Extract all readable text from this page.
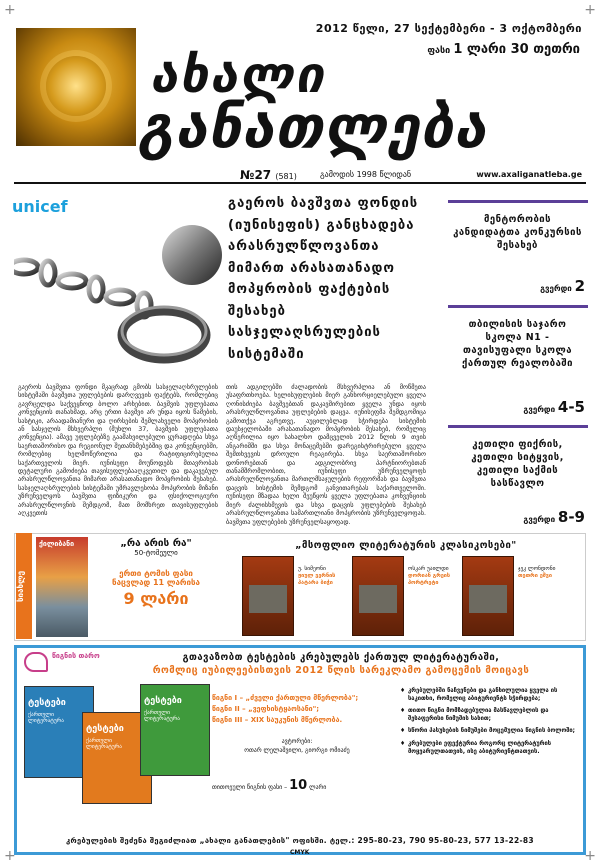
+	+
+	+
ახალი
განათლება
2012 წელი, 27 სექტემბერი - 3 ოქტომბერი
ფასი 1 ლარი 30 თეთრი
№27 (581)	გამოდის 1998 წლიდან	www.axaliganatleba.ge
unicef	გაეროს ბავშვთა ფონდის (იუნისეფის) განცხადება არასრულწლოვანთა მიმართ არასათანადო მოპყრობის ფაქტების შესახებ სასჯელაღსრულების სისტემაში
გაეროს ბავშვთა ფონდი მკაცრად გმობს სასჯელაღსრულების სისტემაში ბავშვთა უფლებების დარღვევის ფაქტებს, რომლებიც გავრცელდა საქვეყნოდ ბოლო არხებით. ბავშვის უფლებათა კონვენციის თანახმად, არც ერთი ბავშვი არ უნდა იყოს წამების, სასტიკი, არაადამიანური და ღირსების შემლახველი მოპყრობის ან სასჯელის მსხვერპლი (მუხლი 37, ბავშვის უფლებათა კონვენცია). ამავე უფლებებზე გაამახვილებული ყურადღება სხვა საერთაშორისო და რეგიონულ შეთანხმებებშიც და კონვენციებში, რომლებიც ხელმოწერილია და რატიფიცირებულია საქართველოს მიერ. იუნისეფი მოუწოდებს მთავრობას დეტალური გამოძიება თავისუფლებააღკვეთილ და დაკავებულ არასრულწლოვანთა მიმართ არასათანადო მოპყრობის შესახებ. სასჯელაღსრულების სისტემაში უმრავლესობა მოპყრობის მიზანი უზრუნველყოს ბავშვთა ფიზიკური და ფსიქოლოგიური არასრულწლოვნის შემდგომ, მათ მომხრეთ თავისუფლების აღკვეთის
თის ადგილებში ძალადობის მსხვერპლია ან მოწმეთა უსაფრთხოება. ხელისუფლების მიერ განხორციელებული ყველა ღონისძიება ბავშვებთან დაკავშირებით ყველა უნდა იყოს არასრულწლოვანთა უფლებების დაცვა. იუნისეფმა შემდგომიცა გამოთქვა აგრეთვე, აუცილებლად სჭირდება სისტემის დაუსჯელობაში არასათანადო მოპყრობის შესახებ, რომელიც აღწერილია იყო სახალხო დამცველის 2012 წლის 9 თვის ანგარიშში და სხვა მონაცემებში დარეგისტრირებული ყველა შემთხვევის დროული რეაგირება. სხვა საერთაშორისო დონორებთან და ადგილობრივ პარტნიორებთან თანამშრომლობით, იუნისეფი უზრუნველყოფს არასრულწლოვანთა მართლმსაჯულების რეფორმას და ბავშვთა დაცვის სისტემის შემდგომ განვითარებას საქართველოში. იუნისეფი მზადაა ხელი შეუწყოს ყველა უფლებათა კონვენციის მიერ ძალისხმევის და სხვა დაცვის უფლებების შესახებ არასრულწლოვანთა სამართლიანი მოპყრობის უზრუნველყოფას. ბავშვთა უფლებების უზრუნველსაყოფად.
მენტორობის კანდიდატთა კონკურსის შესახებ
გვერდი 2
თბილისის საჯარო სკოლა N1 - თავისუფალი სკოლა ქართულ რეალობაში
გვერდი 4-5
კეთილი ფიქრის, კეთილი სიტყვის, კეთილი საქმის სასწავლო
გვერდი 8-9
სიახლე
ქილიბანი	„რა არის რა"
50-ტომეული
ერთი ტომის ფასი
ნაცვლად 11 ლარისა
9 ლარი
„მსოფლიო ლიტერატურის კლასიკოსები"
უ. სიმეონი
ჟიულ ვერნის პატარა ბიჭი
ოსკარ უაილდი
დორიან გრეის პორტრეტი
ჯეკ ლონდონი
თეთრი ეშვი
წიგნის თარო	გთავაზობთ ტესტების კრებულებს ქართულ ლიტერატურაში,
რომლიც იუბილეებისთვის 2012 წლის სარეკლამო გამოცემის მოიცავს
ტესტები
ქართული ლიტერატურა
ტესტები
ქართული ლიტერატურა
ტესტები
ქართული ლიტერატურა
წიგნი I – „ძველი ქართული მწერლობა";
წიგნი II – „ვეფხისტყაოსანი";
წიგნი III – XIX საუკუნის მწერლობა.
ავტორები:
ოთარ ლელაშვილი, გიორგი ომიაძე
თითოეული წიგნის ფასი – 10 ლარი
♦ კრებულებში ნაჩვენები და განხილულია ყველა ის საკითხი, რომელიც აბიტურიენტს სჭირდება;
♦ თითო წიგნი მომზადებულია მასწავლებლის და შესაფერისი ნიმუშის სახით;
♦ სწორი პასუხების ნიმუშები მოცემულია წიგნის ბოლოში;
♦ კრებულები ეფექტურია როგორც ლიტერატურის მოყვარულთათვის, ისე აბიტურიენტთათვის.
კრებულების შეძენა შეგიძლიათ „ახალი განათლების" ოფისში. ტელ.: 295-80-23, 790 95-80-23, 577 13-22-83
CMYK
